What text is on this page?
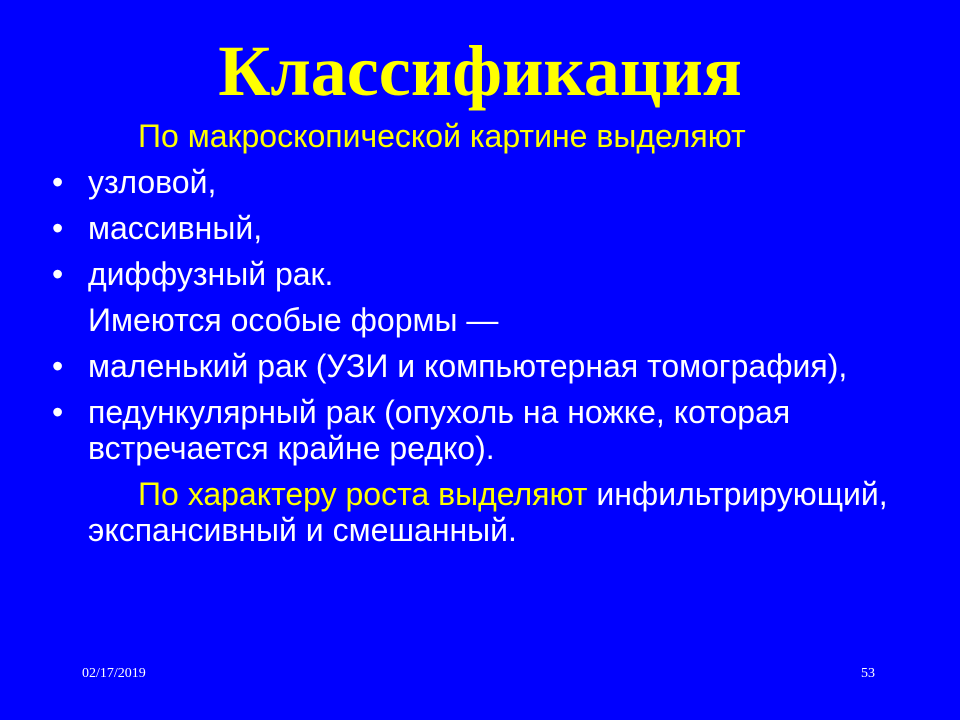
Классификация
По макроскопической картине выделяют
• узловой,
• массивный,
• диффузный рак.
Имеются особые формы —
• маленький рак (УЗИ и компьютерная томография),
• педункулярный рак (опухоль на ножке, которая встречается крайне редко).
По характеру роста выделяют инфильтрирующий, экспансивный и смешанный.
02/17/2019	53
